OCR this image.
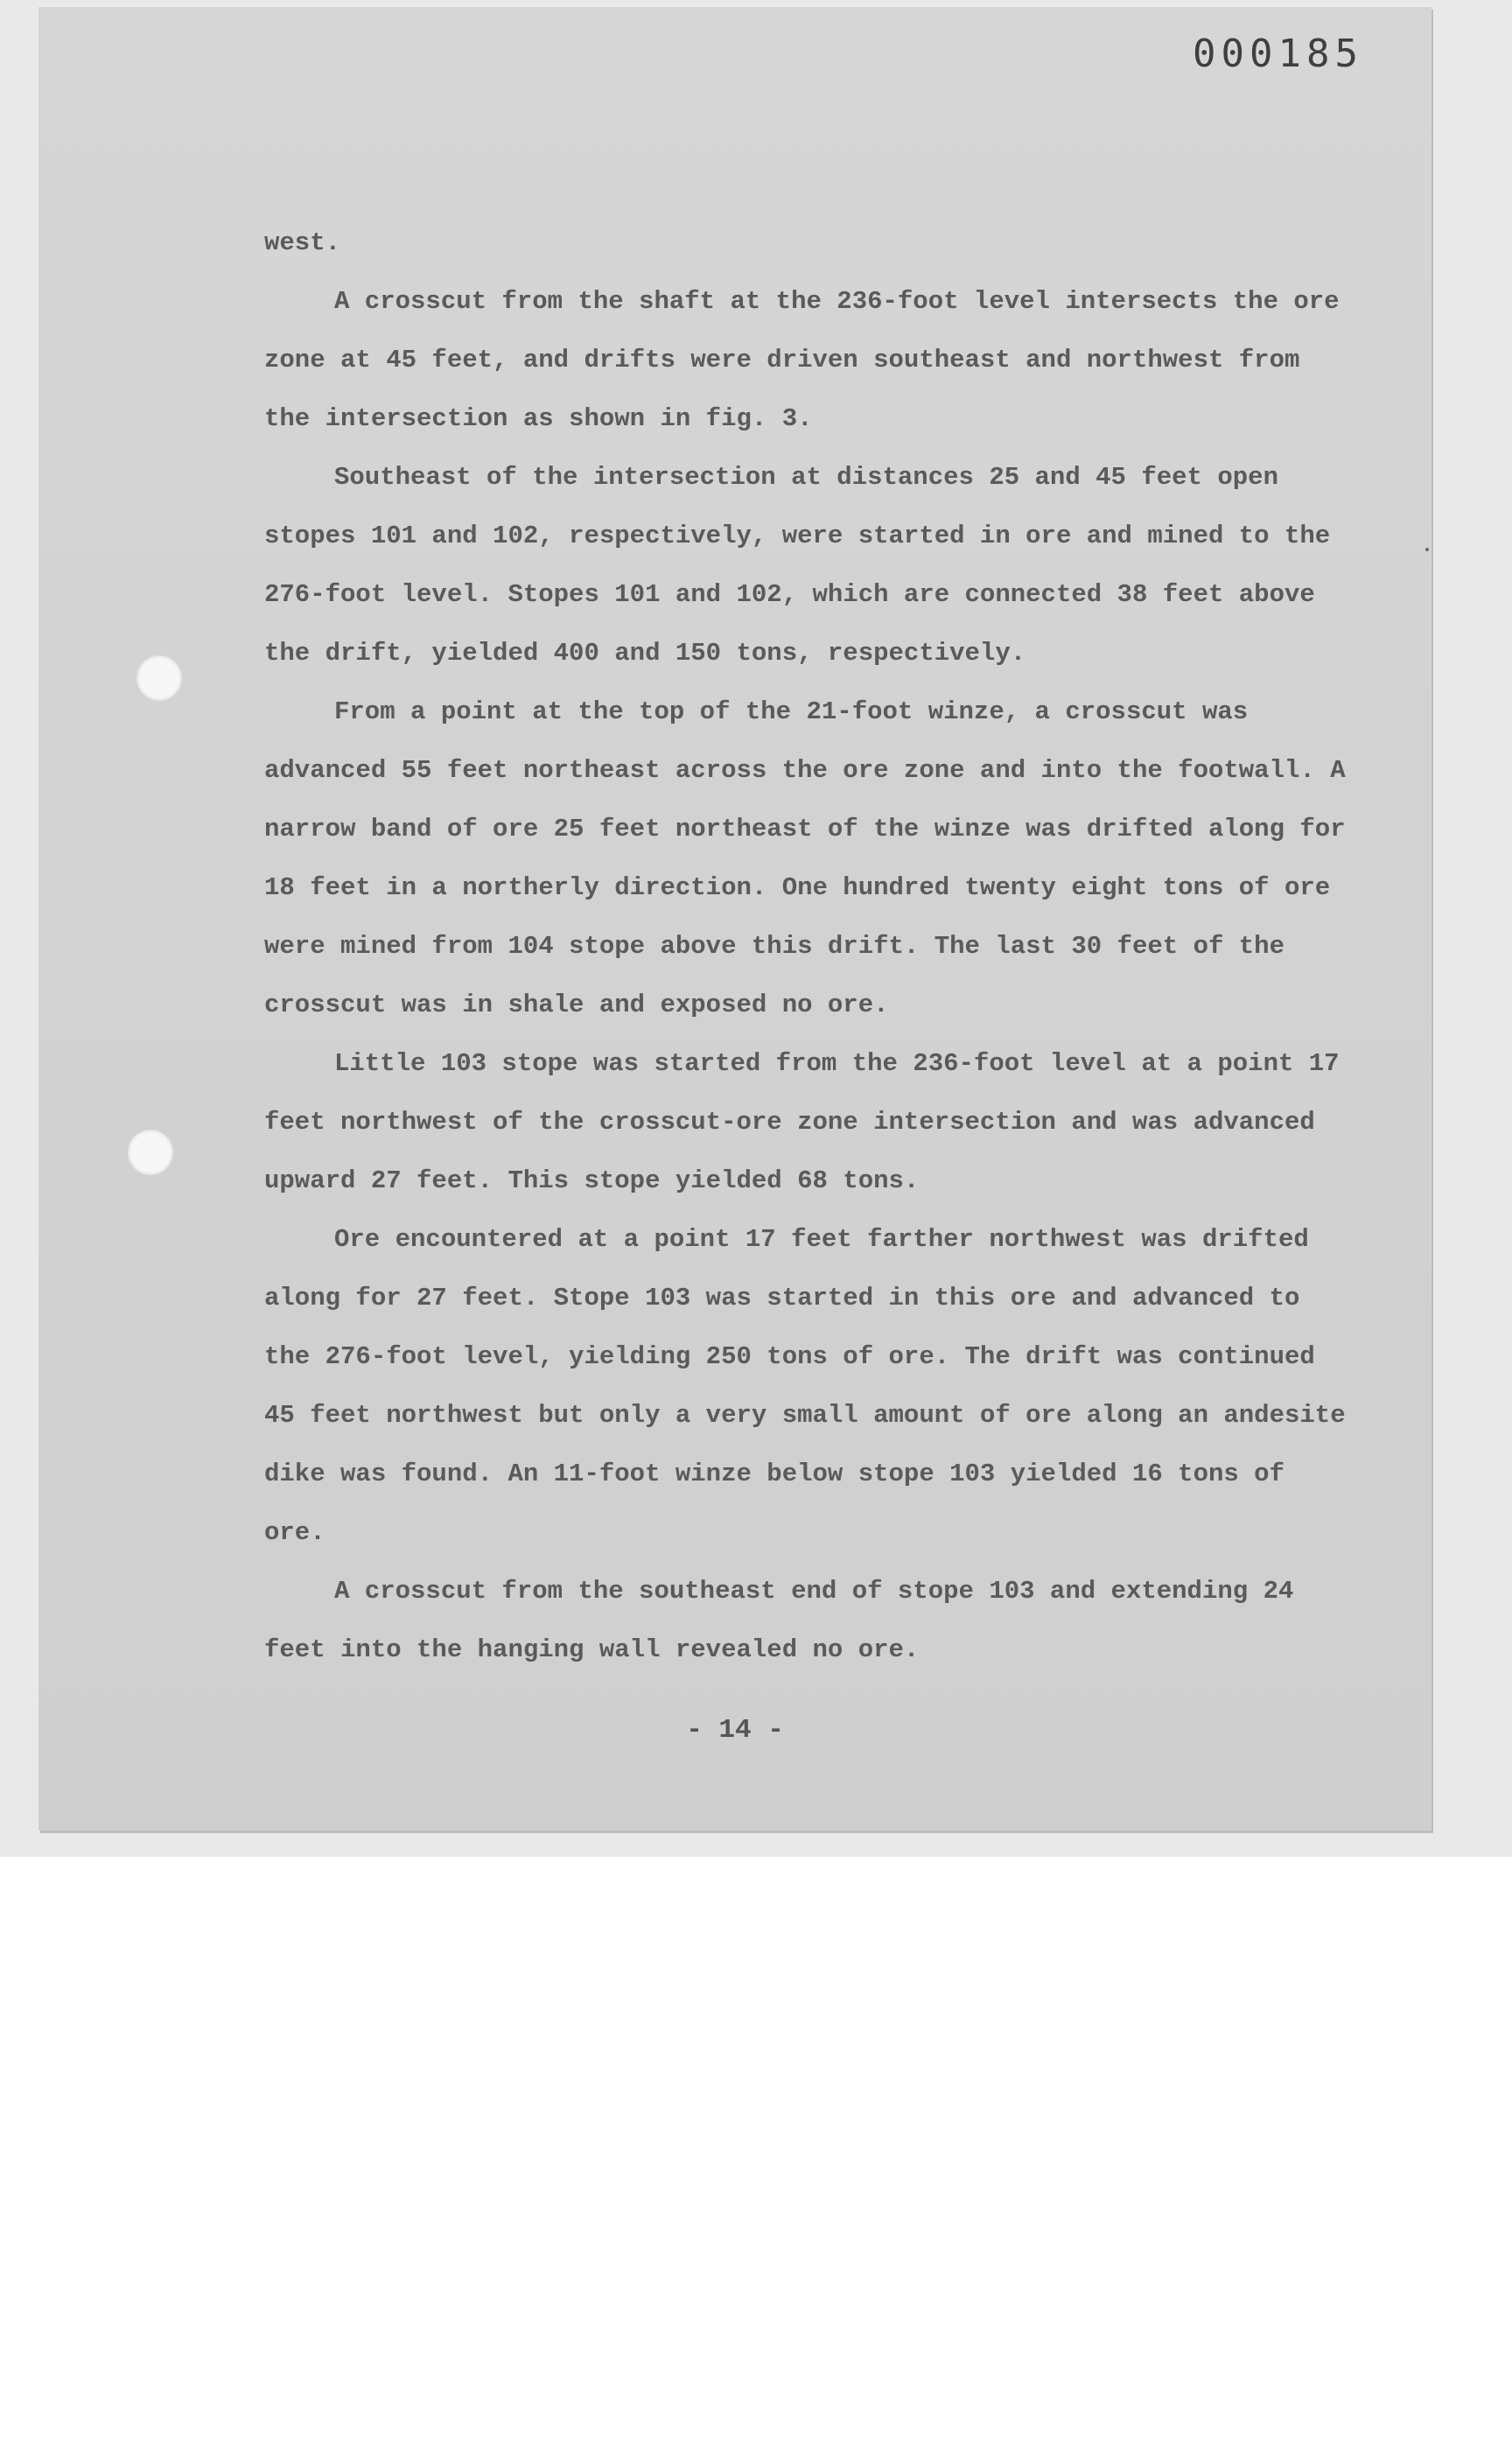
000185

west.

A crosscut from the shaft at the 236-foot level intersects the ore zone at 45 feet, and drifts were driven southeast and northwest from the intersection as shown in fig. 3.

Southeast of the intersection at distances 25 and 45 feet open stopes 101 and 102, respectively, were started in ore and mined to the 276-foot level. Stopes 101 and 102, which are connected 38 feet above the drift, yielded 400 and 150 tons, respectively.

From a point at the top of the 21-foot winze, a crosscut was advanced 55 feet northeast across the ore zone and into the footwall. A narrow band of ore 25 feet northeast of the winze was drifted along for 18 feet in a northerly direction. One hundred twenty eight tons of ore were mined from 104 stope above this drift. The last 30 feet of the crosscut was in shale and exposed no ore.

Little 103 stope was started from the 236-foot level at a point 17 feet northwest of the crosscut-ore zone intersection and was advanced upward 27 feet. This stope yielded 68 tons.

Ore encountered at a point 17 feet farther northwest was drifted along for 27 feet. Stope 103 was started in this ore and advanced to the 276-foot level, yielding 250 tons of ore. The drift was continued 45 feet northwest but only a very small amount of ore along an andesite dike was found. An 11-foot winze below stope 103 yielded 16 tons of ore.

A crosscut from the southeast end of stope 103 and extending 24 feet into the hanging wall revealed no ore.

- 14 -
